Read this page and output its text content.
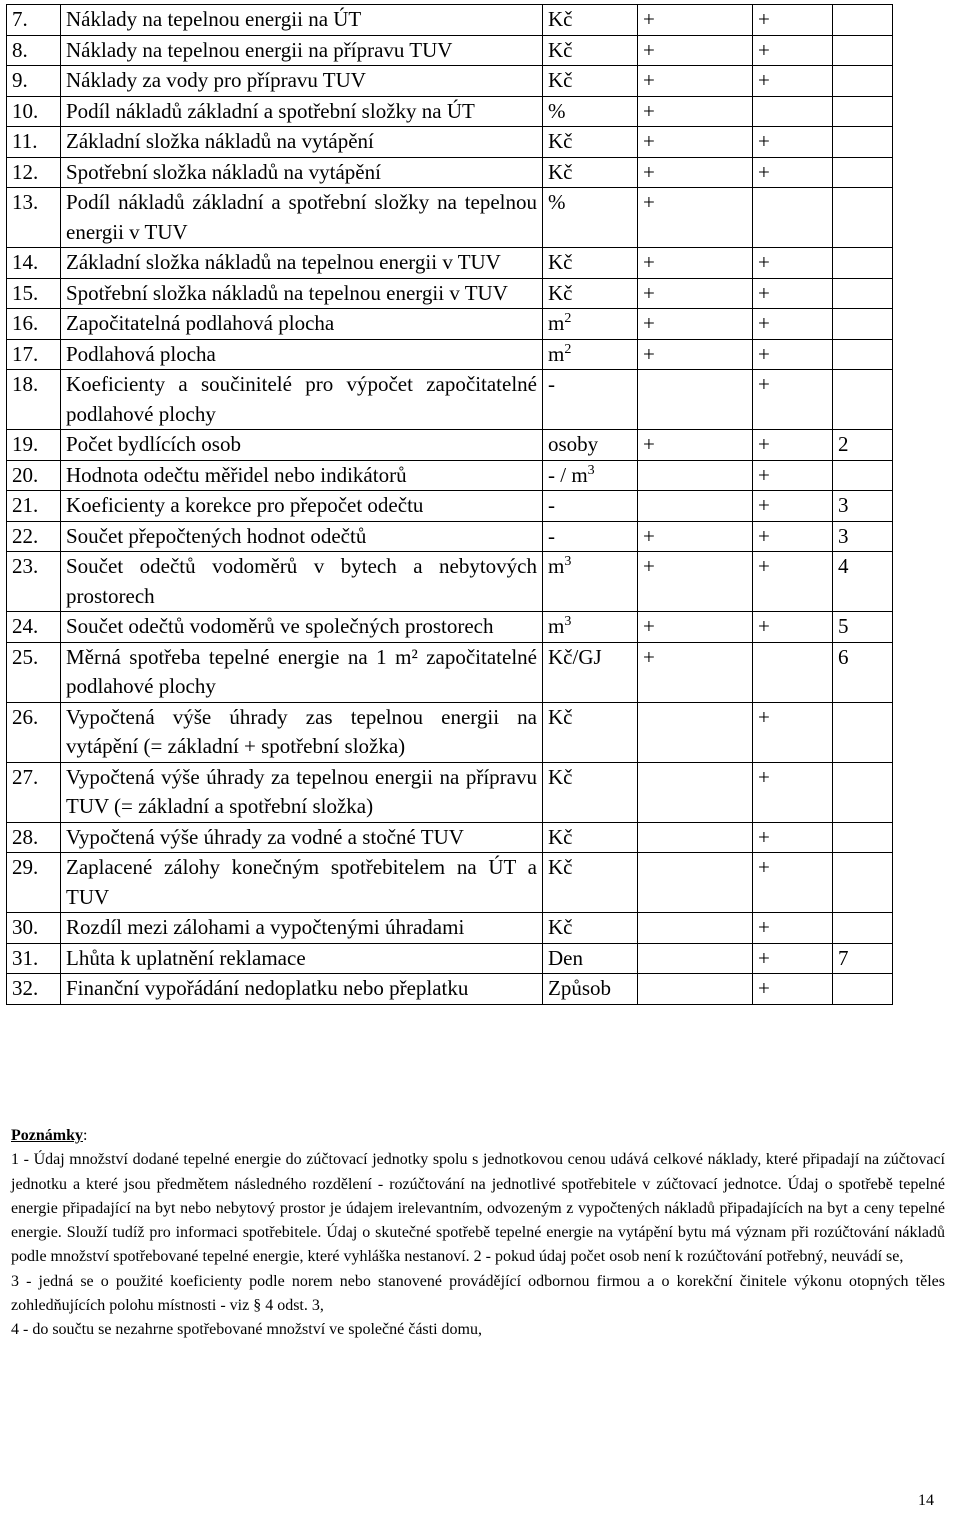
7.	Náklady na tepelnou energii na ÚT	Kč	+	+	
8.	Náklady na tepelnou energii na přípravu TUV	Kč	+	+	
9.	Náklady za vody pro přípravu TUV	Kč	+	+	
10.	Podíl nákladů základní a spotřební složky na ÚT	%	+		
11.	Základní složka nákladů na vytápění	Kč	+	+	
12.	Spotřební složka nákladů na vytápění	Kč	+	+	
13.	Podíl nákladů základní a spotřební složky na tepelnou energii v TUV	%	+		
14.	Základní složka nákladů na tepelnou energii v TUV	Kč	+	+	
15.	Spotřební složka nákladů na tepelnou energii v TUV	Kč	+	+	
16.	Započitatelná podlahová plocha	$m^2$	+	+	
17.	Podlahová plocha	$m^2$	+	+	
18.	Koeficienty a součinitelé pro výpočet započitatelné podlahové plochy	-		+	
19.	Počet bydlících osob	osoby	+	+	2
20.	Hodnota odečtu měřidel nebo indikátorů	- / $m^3$		+	
21.	Koeficienty a korekce pro přepočet odečtu	-		+	3
22.	Součet přepočtených hodnot odečtů	-	+	+	3
23.	Součet odečtů vodoměrů v bytech a nebytových prostorech	$m^3$	+	+	4
24.	Součet odečtů vodoměrů ve společných prostorech	$m^3$	+	+	5
25.	Měrná spotřeba tepelné energie na 1 m² započitatelné podlahové plochy	Kč/GJ	+		6
26.	Vypočtená výše úhrady zas tepelnou energii na vytápění (= základní + spotřební složka)	Kč		+	
27.	Vypočtená výše úhrady za tepelnou energii na přípravu TUV (= základní a spotřební složka)	Kč		+	
28.	Vypočtená výše úhrady za vodné a stočné TUV	Kč		+	
29.	Zaplacené zálohy konečným spotřebitelem na ÚT a TUV	Kč		+	
30.	Rozdíl mezi zálohami a vypočtenými úhradami	Kč		+	
31.	Lhůta k uplatnění reklamace	Den		+	7
32.	Finanční vypořádání nedoplatku nebo přeplatku	Způsob		+	

Poznámky:

1 - Údaj množství dodané tepelné energie do zúčtovací jednotky spolu s jednotkovou cenou udává celkové náklady, které připadají na zúčtovací jednotku a které jsou předmětem následného rozdělení - rozúčtování na jednotlivé spotřebitele v zúčtovací jednotce. Údaj o spotřebě tepelné energie připadající na byt nebo nebytový prostor je údajem irelevantním, odvozeným z vypočtených nákladů připadajících na byt a ceny tepelné energie. Slouží tudíž pro informaci spotřebitele. Údaj o skutečné spotřebě tepelné energie na vytápění bytu má význam při rozúčtování nákladů podle množství spotřebované tepelné energie, které vyhláška nestanoví. 2 - pokud údaj počet osob není k rozúčtování potřebný, neuvádí se,

3 - jedná se o použité koeficienty podle norem nebo stanovené provádějící odbornou firmou a o korekční činitele výkonu otopných těles zohledňujících polohu místnosti - viz § 4 odst. 3,

4 - do součtu se nezahrne spotřebované množství ve společné části domu,

14
